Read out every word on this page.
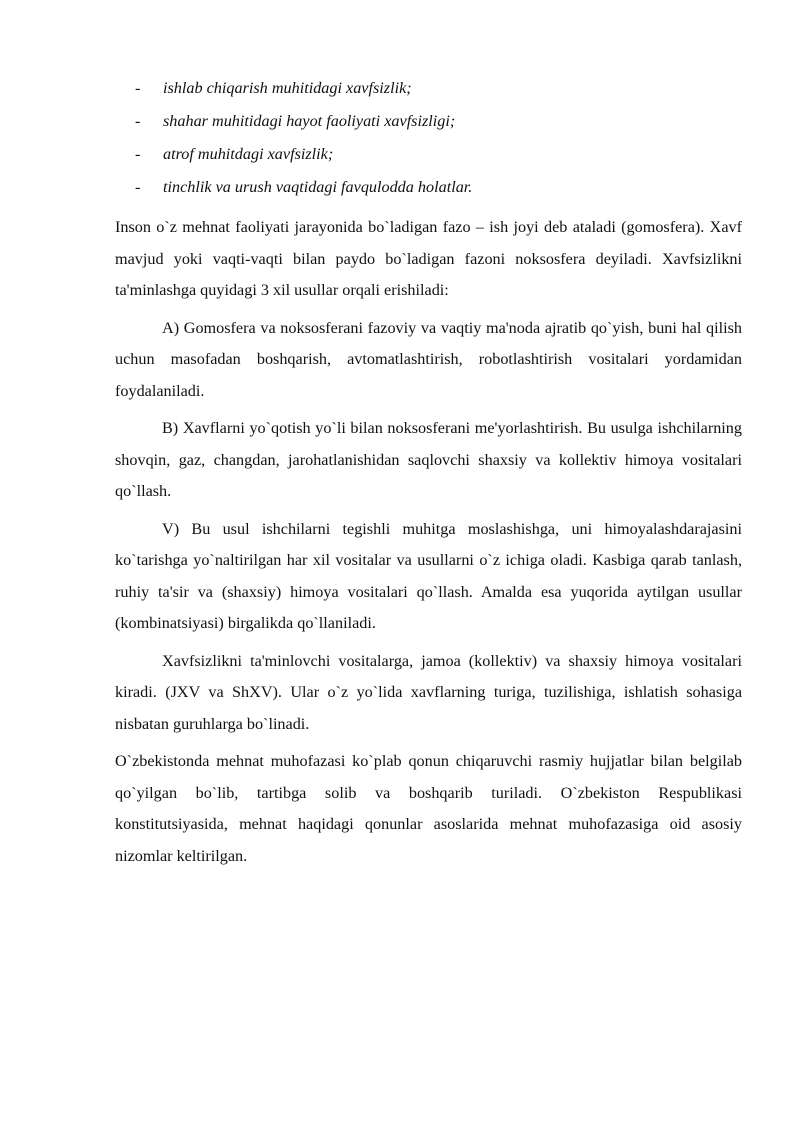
- ishlab chiqarish muhitidagi xavfsizlik;
- shahar muhitidagi hayot faoliyati xavfsizligi;
- atrof muhitdagi xavfsizlik;
- tinchlik va urush vaqtidagi favqulodda holatlar.

Inson o`z mehnat faoliyati jarayonida bo`ladigan fazo – ish joyi deb ataladi (gomosfera). Xavf mavjud yoki vaqti-vaqti bilan paydo bo`ladigan fazoni noksosfera deyiladi. Xavfsizlikni ta'minlashga quyidagi 3 xil usullar orqali erishiladi:

A) Gomosfera va noksosferani fazoviy va vaqtiy ma'noda ajratib qo`yish, buni hal qilish uchun masofadan boshqarish, avtomatlashtirish, robotlashtirish vositalari yordamidan foydalaniladi.

B) Xavflarni yo`qotish yo`li bilan noksosferani me'yorlashtirish. Bu usulga ishchilarning shovqin, gaz, changdan, jarohatlanishidan saqlovchi shaxsiy va kollektiv himoya vositalari qo`llash.

V) Bu usul ishchilarni tegishli muhitga moslashishga, uni himoyalashdarajasini ko`tarishga yo`naltirilgan har xil vositalar va usullarni o`z ichiga oladi. Kasbiga qarab tanlash, ruhiy ta'sir va (shaxsiy) himoya vositalari qo`llash. Amalda esa yuqorida aytilgan usullar (kombinatsiyasi) birgalikda qo`llaniladi.

Xavfsizlikni ta'minlovchi vositalarga, jamoa (kollektiv) va shaxsiy himoya vositalari kiradi. (JXV va ShXV). Ular o`z yo`lida xavflarning turiga, tuzilishiga, ishlatish sohasiga nisbatan guruhlarga bo`linadi.

O`zbekistonda mehnat muhofazasi ko`plab qonun chiqaruvchi rasmiy hujjatlar bilan belgilab qo`yilgan bo`lib, tartibga solib va boshqarib turiladi. O`zbekiston Respublikasi konstitutsiyasida, mehnat haqidagi qonunlar asoslarida mehnat muhofazasiga oid asosiy nizomlar keltirilgan.
